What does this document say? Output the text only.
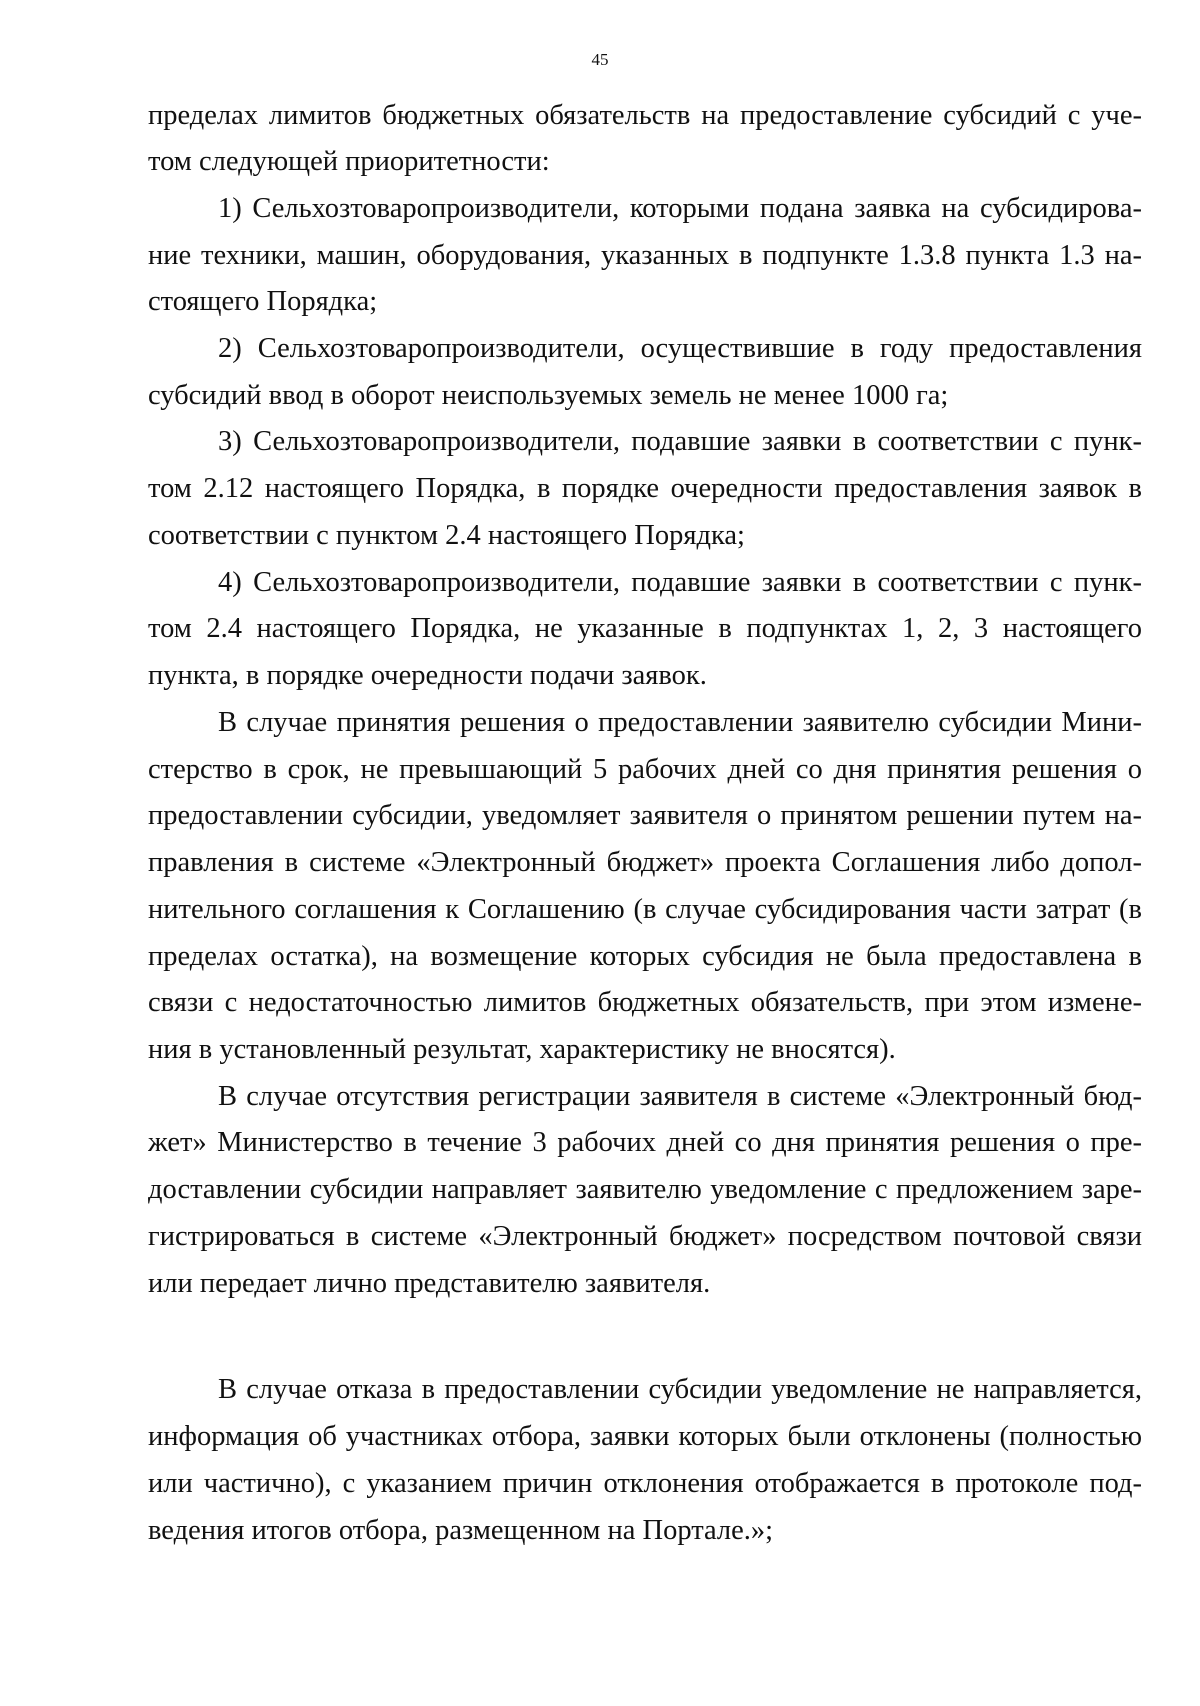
45
пределах лимитов бюджетных обязательств на предоставление субсидий с уче-
том следующей приоритетности:
1) Сельхозтоваропроизводители, которыми подана заявка на субсидирова-
ние техники, машин, оборудования, указанных в подпункте 1.3.8 пункта 1.3 на-
стоящего Порядка;
2) Сельхозтоваропроизводители, осуществившие в году предоставления
субсидий ввод в оборот неиспользуемых земель не менее 1000 га;
3) Сельхозтоваропроизводители, подавшие заявки в соответствии с пунк-
том 2.12 настоящего Порядка, в порядке очередности предоставления заявок в
соответствии с пунктом 2.4 настоящего Порядка;
4) Сельхозтоваропроизводители, подавшие заявки в соответствии с пунк-
том 2.4 настоящего Порядка, не указанные в подпунктах 1, 2, 3 настоящего
пункта, в порядке очередности подачи заявок.
В случае принятия решения о предоставлении заявителю субсидии Мини-
стерство в срок, не превышающий 5 рабочих дней со дня принятия решения о
предоставлении субсидии, уведомляет заявителя о принятом решении путем на-
правления в системе «Электронный бюджет» проекта Соглашения либо допол-
нительного соглашения к Соглашению (в случае субсидирования части затрат (в
пределах остатка), на возмещение которых субсидия не была предоставлена в
связи с недостаточностью лимитов бюджетных обязательств, при этом измене-
ния в установленный результат, характеристику не вносятся).
В случае отсутствия регистрации заявителя в системе «Электронный бюд-
жет» Министерство в течение 3 рабочих дней со дня принятия решения о пре-
доставлении субсидии направляет заявителю уведомление с предложением заре-
гистрироваться в системе «Электронный бюджет» посредством почтовой связи
или передает лично представителю заявителя.
В случае отказа в предоставлении субсидии уведомление не направляется,
информация об участниках отбора, заявки которых были отклонены (полностью
или частично), с указанием причин отклонения отображается в протоколе под-
ведения итогов отбора, размещенном на Портале.»;
